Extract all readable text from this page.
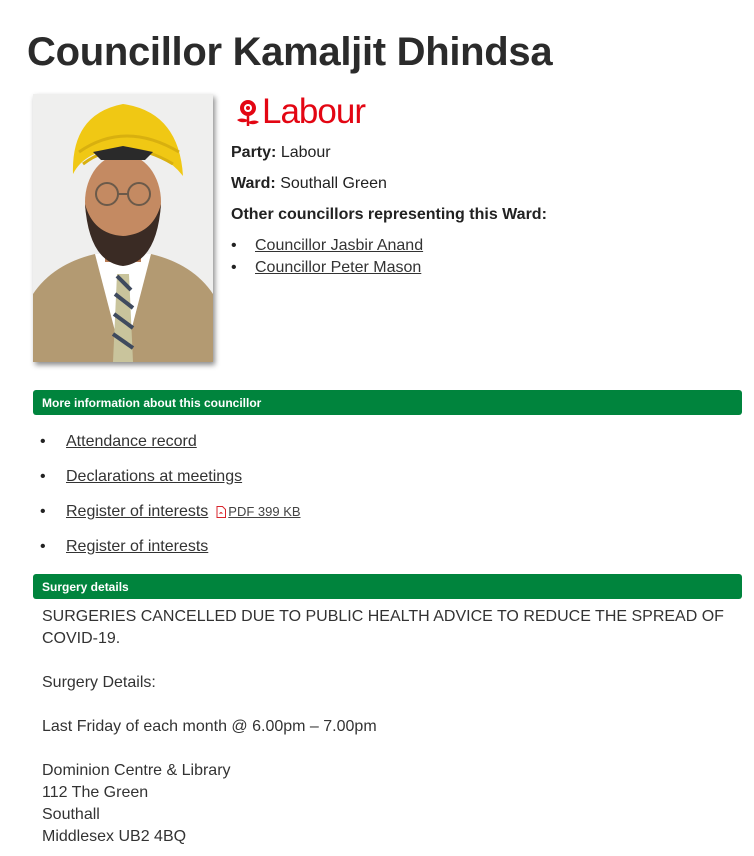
Councillor Kamaljit Dhindsa
Labour
Party: Labour
Ward: Southall Green
Other councillors representing this Ward:
•	Councillor Jasbir Anand
•	Councillor Peter Mason
More information about this councillor
•	Attendance record
•	Declarations at meetings
•	Register of interests PDF 399 KB
•	Register of interests
Surgery details

SURGERIES CANCELLED DUE TO PUBLIC HEALTH ADVICE TO REDUCE THE SPREAD OF COVID-19.

Surgery Details:

Last Friday of each month @ 6.00pm – 7.00pm

Dominion Centre & Library

112 The Green

Southall

Middlesex UB2 4BQ
